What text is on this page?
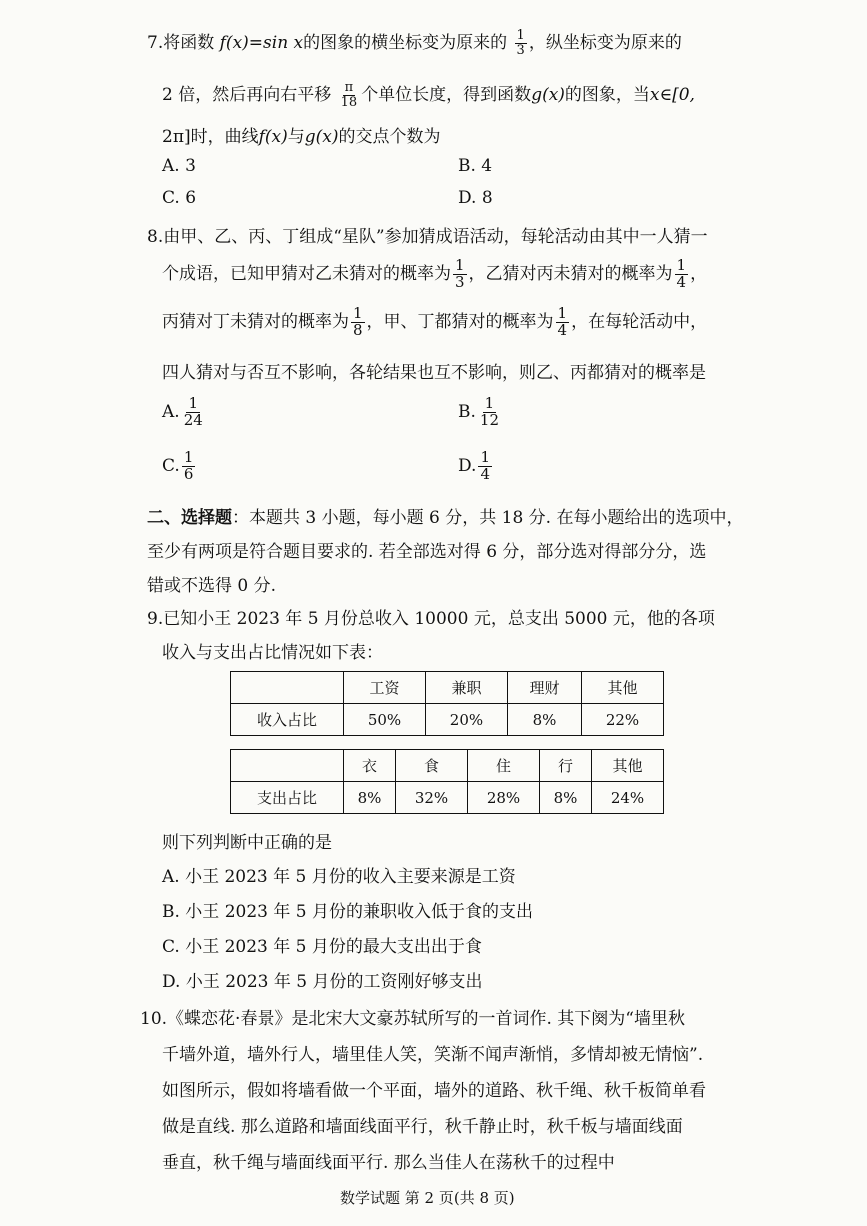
7.将函数 f(x)=sin x的图象的横坐标变为原来的 $\frac{1}{3}$ ，纵坐标变为原来的
2 倍，然后再向右平移 $\frac{\pi}{18}$ 个单位长度，得到函数g(x)的图象，当x∈[0,
2π]时，曲线f(x)与g(x)的交点个数为
A. 3	B. 4
C. 6	D. 8
8.由甲、乙、丙、丁组成“星队”参加猜成语活动，每轮活动由其中一人猜一
个成语，已知甲猜对乙未猜对的概率为 $\frac{1}{3}$ ，乙猜对丙未猜对的概率为 $\frac{1}{4}$ ，
丙猜对丁未猜对的概率为 $\frac{1}{8}$ ，甲、丁都猜对的概率为 $\frac{1}{4}$ ，在每轮活动中，
四人猜对与否互不影响，各轮结果也互不影响，则乙、丙都猜对的概率是
A. $\frac{1}{24}$	B. $\frac{1}{12}$
C. $\frac{1}{6}$	D. $\frac{1}{4}$
二、选择题：本题共 3 小题，每小题 6 分，共 18 分. 在每小题给出的选项中，
至少有两项是符合题目要求的. 若全部选对得 6 分，部分选对得部分分，选
错或不选得 0 分.
9.已知小王 2023 年 5 月份总收入 10000 元，总支出 5000 元，他的各项
收入与支出占比情况如下表：
	工资	兼职	理财	其他
收入占比	50%	20%	8%	22%
	衣	食	住	行	其他
支出占比	8%	32%	28%	8%	24%
则下列判断中正确的是
A. 小王 2023 年 5 月份的收入主要来源是工资
B. 小王 2023 年 5 月份的兼职收入低于食的支出
C. 小王 2023 年 5 月份的最大支出出于食
D. 小王 2023 年 5 月份的工资刚好够支出
10.《蝶恋花·春景》是北宋大文豪苏轼所写的一首词作. 其下阕为“墙里秋
千墙外道，墙外行人，墙里佳人笑，笑渐不闻声渐悄，多情却被无情恼”.
如图所示，假如将墙看做一个平面，墙外的道路、秋千绳、秋千板简单看
做是直线. 那么道路和墙面线面平行，秋千静止时，秋千板与墙面线面
垂直，秋千绳与墙面线面平行. 那么当佳人在荡秋千的过程中
数学试题 第 2 页(共 8 页)
